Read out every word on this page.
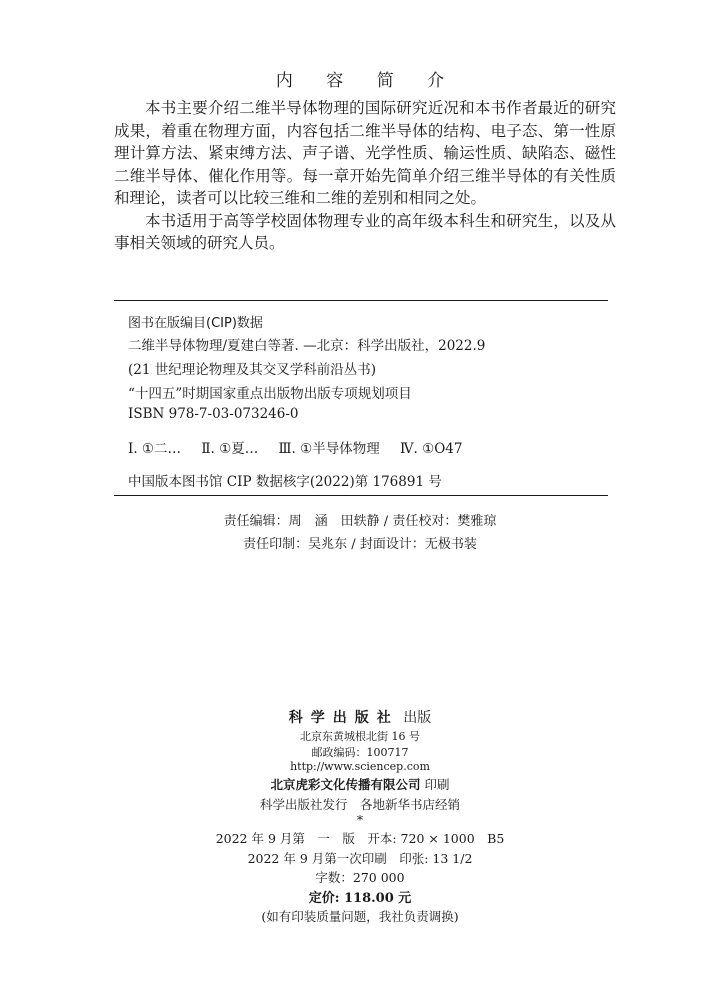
内 容 简 介

本书主要介绍二维半导体物理的国际研究近况和本书作者最近的研究成果，着重在物理方面，内容包括二维半导体的结构、电子态、第一性原理计算方法、紧束缚方法、声子谱、光学性质、输运性质、缺陷态、磁性二维半导体、催化作用等。每一章开始先简单介绍三维半导体的有关性质和理论，读者可以比较三维和二维的差别和相同之处。

本书适用于高等学校固体物理专业的高年级本科生和研究生，以及从事相关领域的研究人员。

图书在版编目(CIP)数据
二维半导体物理/夏建白等著. —北京：科学出版社，2022.9
(21 世纪理论物理及其交叉学科前沿丛书)
“十四五”时期国家重点出版物出版专项规划项目
ISBN 978-7-03-073246-0
Ⅰ. ①二… Ⅱ. ①夏… Ⅲ. ①半导体物理 Ⅳ. ①O47
中国版本图书馆 CIP 数据核字(2022)第 176891 号
责任编辑：周　涵　田轶静 / 责任校对：樊雅琼
责任印制：吴兆东 / 封面设计：无极书装
科学出版社 出版
北京东黄城根北街 16 号
邮政编码：100717
http://www.sciencep.com
北京虎彩文化传播有限公司 印刷
科学出版社发行　各地新华书店经销
*
2022 年 9 月第　一　版　开本: 720 × 1000　B5
2022 年 9 月第一次印刷　印张: 13 1/2
字数：270 000
定价: 118.00 元
(如有印装质量问题，我社负责调换)
